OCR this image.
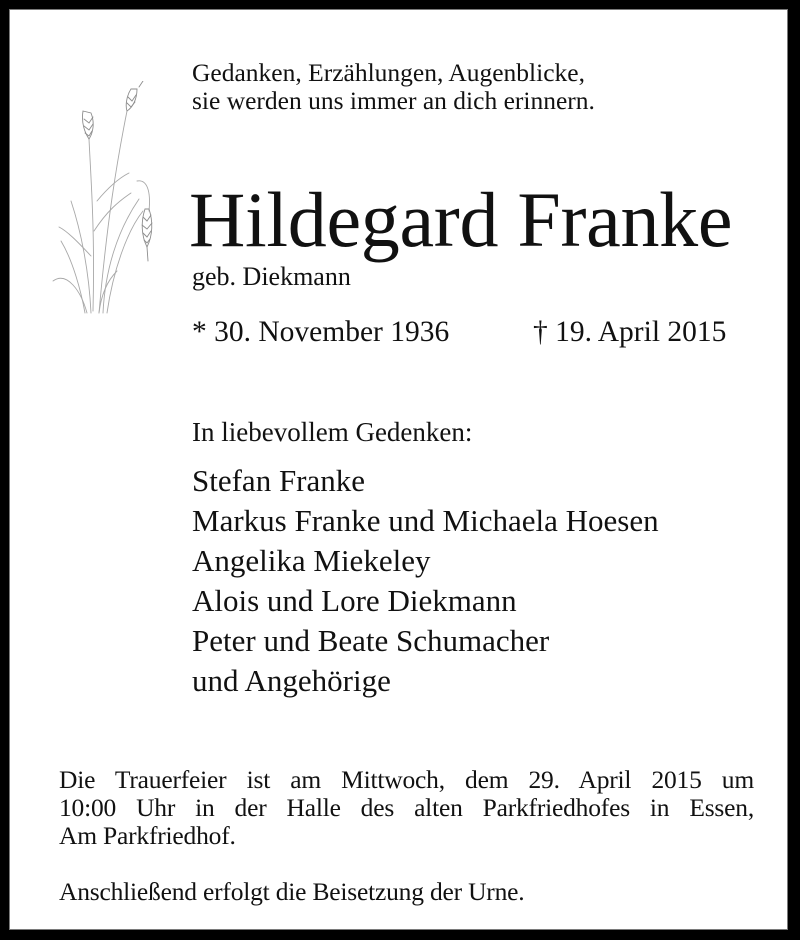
Gedanken, Erzählungen, Augenblicke,
sie werden uns immer an dich erinnern.
Hildegard Franke
geb. Diekmann
* 30. November 1936	† 19. April 2015
In liebevollem Gedenken:
Stefan Franke
Markus Franke und Michaela Hoesen
Angelika Miekeley
Alois und Lore Diekmann
Peter und Beate Schumacher
und Angehörige

Die Trauerfeier ist am Mittwoch, dem 29. April 2015 um
10:00 Uhr in der Halle des alten Parkfriedhofes in Essen,
Am Parkfriedhof.

Anschließend erfolgt die Beisetzung der Urne.
